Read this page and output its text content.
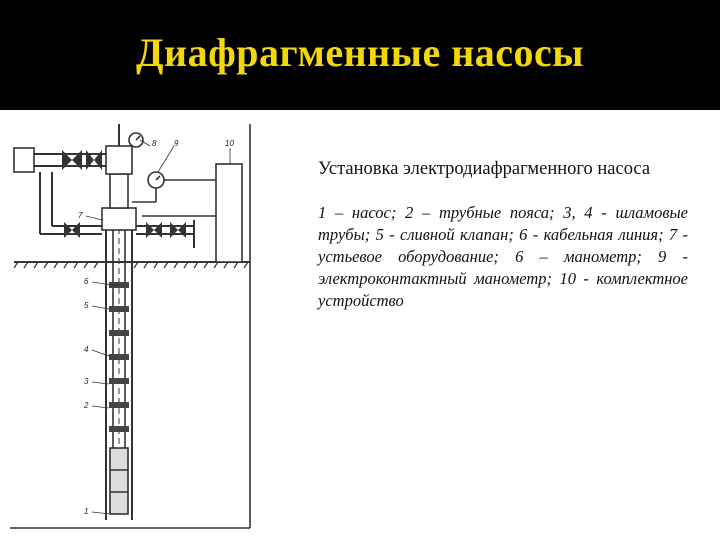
Диафрагменные насосы
1
2
3
4
5
6
7
8 9	10

Установка электродиафрагменного насоса

1 – насос; 2 – трубные пояса; 3, 4 - шламовые трубы; 5 - сливной клапан; 6 - кабельная линия; 7 - устьевое оборудование; 6 – манометр; 9 - электроконтактный манометр; 10 - комплектное устройство
